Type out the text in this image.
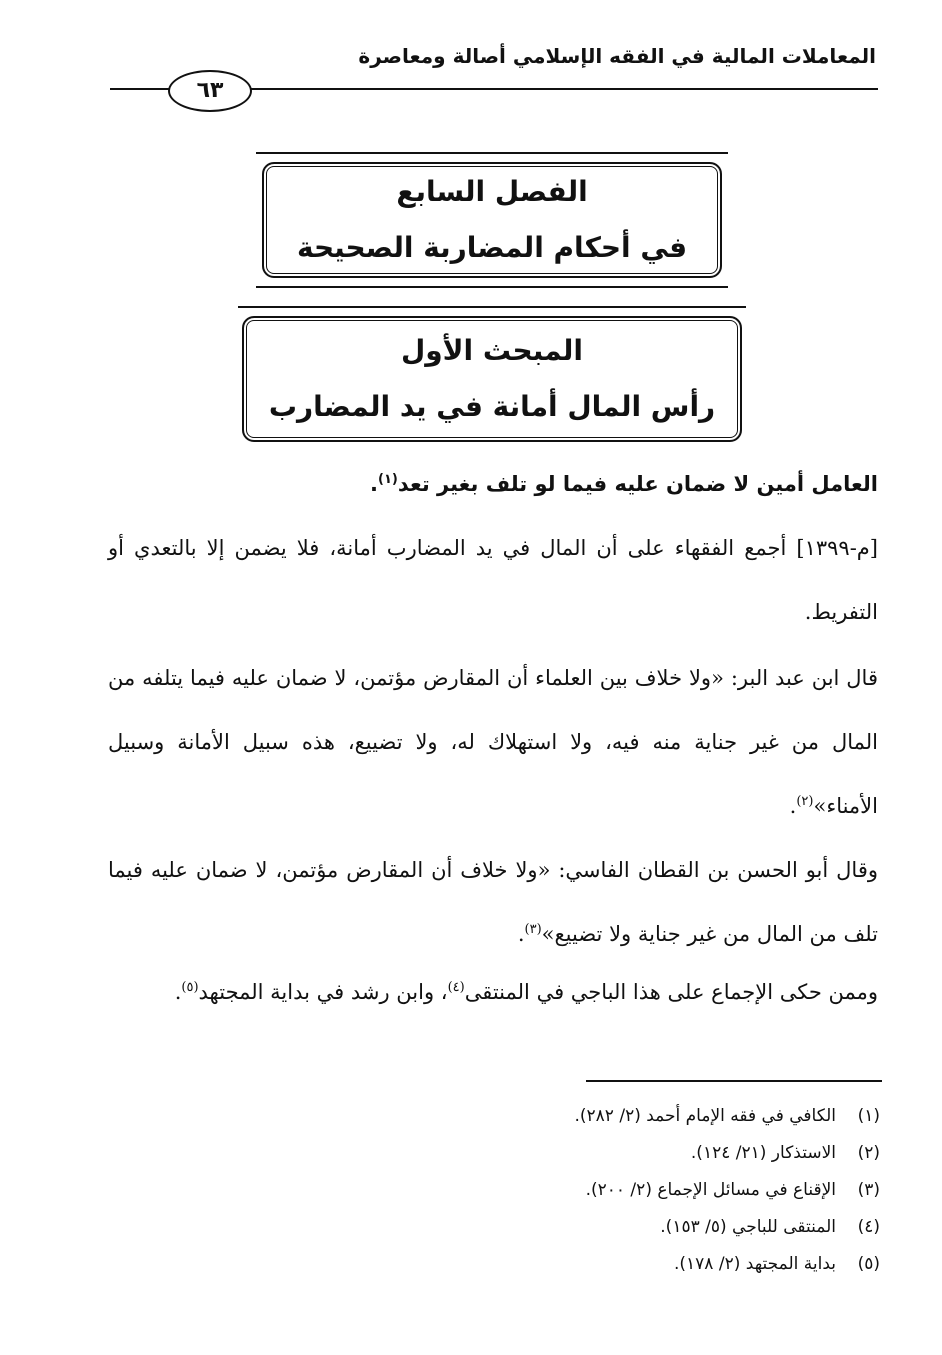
المعاملات المالية في الفقه الإسلامي أصالة ومعاصرة
٦٣
الفصل السابع
في أحكام المضاربة الصحيحة
المبحث الأول
رأس المال أمانة في يد المضارب

العامل أمين لا ضمان عليه فيما لو تلف بغير تعد$^{(١)}$.

[م-١٣٩٩] أجمع الفقهاء على أن المال في يد المضارب أمانة، فلا يضمن إلا بالتعدي أو التفريط.

قال ابن عبد البر: «ولا خلاف بين العلماء أن المقارض مؤتمن، لا ضمان عليه فيما يتلفه من المال من غير جناية منه فيه، ولا استهلاك له، ولا تضييع، هذه سبيل الأمانة وسبيل الأمناء»$^{(٢)}$.

وقال أبو الحسن بن القطان الفاسي: «ولا خلاف أن المقارض مؤتمن، لا ضمان عليه فيما تلف من المال من غير جناية ولا تضييع»$^{(٣)}$.

وممن حكى الإجماع على هذا الباجي في المنتقى$^{(٤)}$، وابن رشد في بداية المجتهد$^{(٥)}$.

(١)الكافي في فقه الإمام أحمد (٢/ ٢٨٢).
(٢)الاستذكار (٢١/ ١٢٤).
(٣)الإقناع في مسائل الإجماع (٢/ ٢٠٠).
(٤)المنتقى للباجي (٥/ ١٥٣).
(٥)بداية المجتهد (٢/ ١٧٨).
